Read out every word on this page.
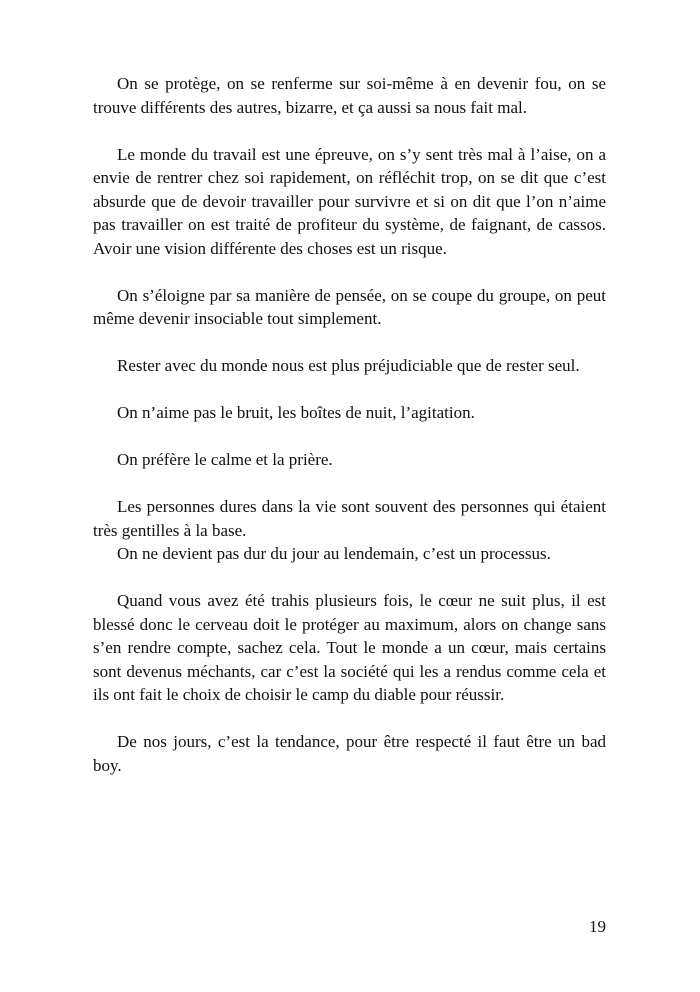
On se protège, on se renferme sur soi-même à en devenir fou, on se trouve différents des autres, bizarre, et ça aussi sa nous fait mal.

Le monde du travail est une épreuve, on s’y sent très mal à l’aise, on a envie de rentrer chez soi rapidement, on réfléchit trop, on se dit que c’est absurde que de devoir travailler pour survivre et si on dit que l’on n’aime pas travailler on est traité de profiteur du système, de faignant, de cassos. Avoir une vision différente des choses est un risque.

On s’éloigne par sa manière de pensée, on se coupe du groupe, on peut même devenir insociable tout simplement.

Rester avec du monde nous est plus préjudiciable que de rester seul.

On n’aime pas le bruit, les boîtes de nuit, l’agitation.

On préfère le calme et la prière.

Les personnes dures dans la vie sont souvent des personnes qui étaient très gentilles à la base.

On ne devient pas dur du jour au lendemain, c’est un processus.

Quand vous avez été trahis plusieurs fois, le cœur ne suit plus, il est blessé donc le cerveau doit le protéger au maximum, alors on change sans s’en rendre compte, sachez cela. Tout le monde a un cœur, mais certains sont devenus méchants, car c’est la société qui les a rendus comme cela et ils ont fait le choix de choisir le camp du diable pour réussir.

De nos jours, c’est la tendance, pour être respecté il faut être un bad boy.

19
